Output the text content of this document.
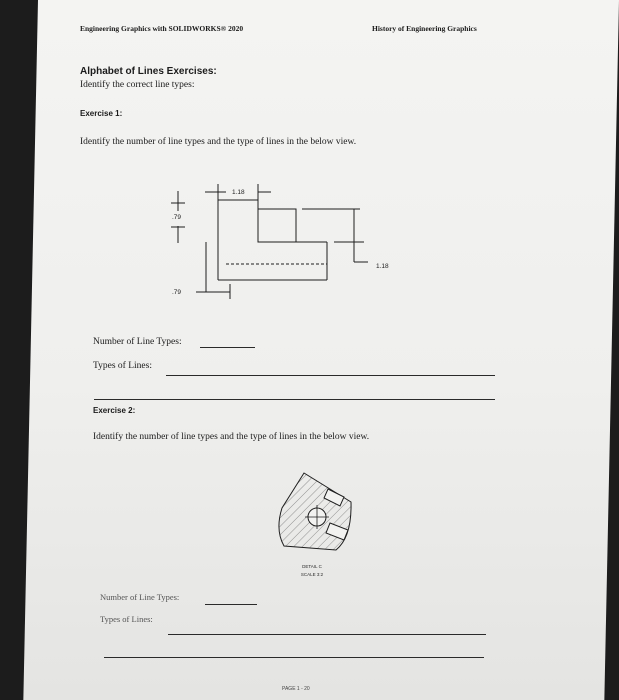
Engineering Graphics with SOLIDWORKS® 2020	History of Engineering Graphics
Alphabet of Lines Exercises:
Identify the correct line types:
Exercise 1:
Identify the number of line types and the type of lines in the below view.
1.18
.79
1.18
.79
Number of Line Types:
Types of Lines:
Exercise 2:
Identify the number of line types and the type of lines in the below view.
DETAIL C
SCALE 3:2
Number of Line Types:
Types of Lines:
PAGE 1 - 20
